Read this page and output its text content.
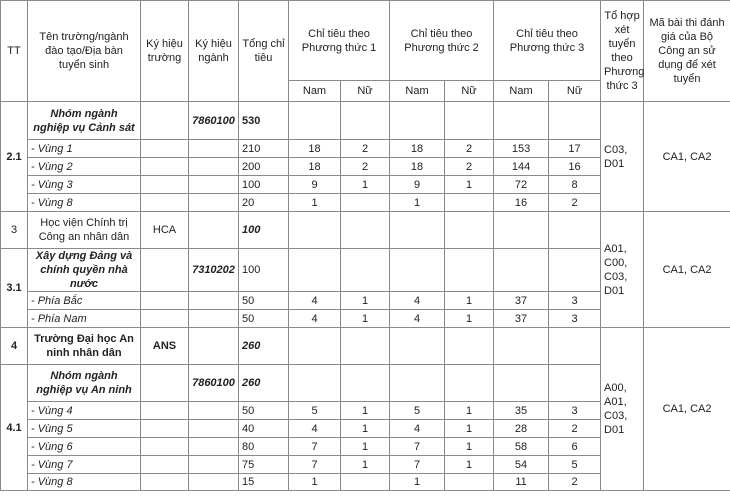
TT	Tên trường/ngành đào tạo/Địa bàn tuyển sinh	Ký hiệu trường	Ký hiệu ngành	Tổng chỉ tiêu	Chỉ tiêu theo Phương thức 1		Chỉ tiêu theo Phương thức 2		Chỉ tiêu theo Phương thức 3		Tổ hợp xét tuyển theo Phương thức 3	Mã bài thi đánh giá của Bộ Công an sử dụng để xét tuyển
					Nam	Nữ	Nam	Nữ	Nam	Nữ		
2.1	Nhóm ngành nghiệp vụ Cảnh sát		7860100	530							C03, D01	CA1, CA2
	- Vùng 1			210	18	2	18	2	153	17		
	- Vùng 2			200	18	2	18	2	144	16		
	- Vùng 3			100	9	1	9	1	72	8		
	- Vùng 8			20	1		1		16	2		
3	Học viện Chính trị Công an nhân dân	HCA		100							A01, C00, C03, D01	CA1, CA2
3.1	Xây dựng Đảng và chính quyền nhà nước		7310202	100								
	- Phía Bắc			50	4	1	4	1	37	3		
	- Phía Nam			50	4	1	4	1	37	3		
4	Trường Đại học An ninh nhân dân	ANS		260							A00, A01, C03, D01	CA1, CA2
4.1	Nhóm ngành nghiệp vụ An ninh		7860100	260								
	- Vùng 4			50	5	1	5	1	35	3		
	- Vùng 5			40	4	1	4	1	28	2		
	- Vùng 6			80	7	1	7	1	58	6		
	- Vùng 7			75	7	1	7	1	54	5		
	- Vùng 8			15	1		1		11	2		
